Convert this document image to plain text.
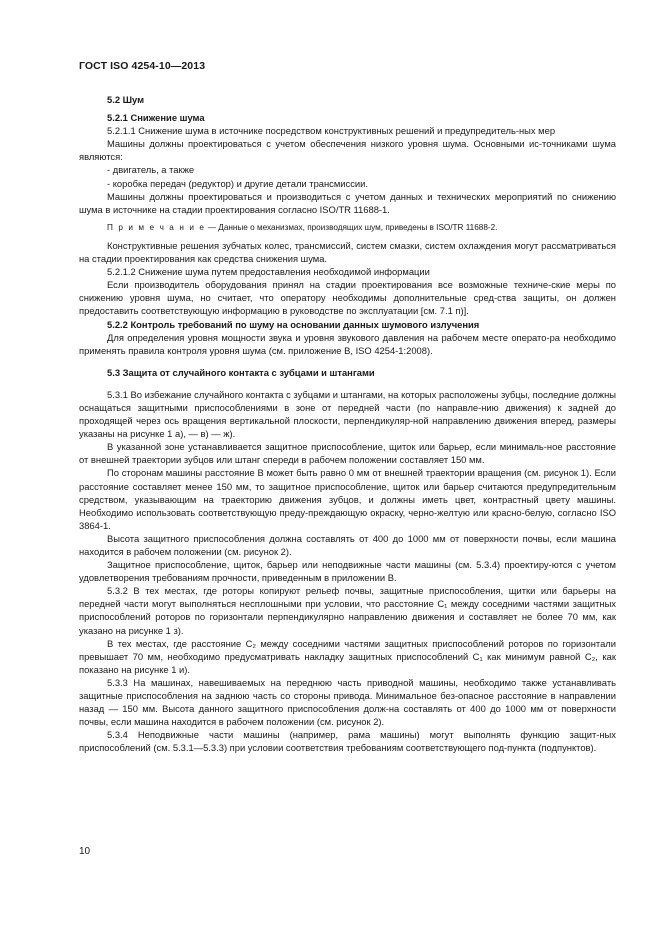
ГОСТ ISO 4254-10—2013

5.2 Шум

5.2.1 Снижение шума

5.2.1.1 Снижение шума в источнике посредством конструктивных решений и предупредитель-ных мер

Машины должны проектироваться с учетом обеспечения низкого уровня шума. Основными ис-точниками шума являются:

- двигатель, а также

- коробка передач (редуктор) и другие детали трансмиссии.

Машины должны проектироваться и производиться с учетом данных и технических мероприятий по снижению шума в источнике на стадии проектирования согласно ISO/TR 11688-1.

П р и м е ч а н и е — Данные о механизмах, производящих шум, приведены в ISO/TR 11688-2.

Конструктивные решения зубчатых колес, трансмиссий, систем смазки, систем охлаждения могут рассматриваться на стадии проектирования как средства снижения шума.

5.2.1.2 Снижение шума путем предоставления необходимой информации

Если производитель оборудования принял на стадии проектирования все возможные техниче-ские меры по снижению уровня шума, но считает, что оператору необходимы дополнительные сред-ства защиты, он должен предоставить соответствующую информацию в руководстве по эксплуатации [см. 7.1 п)].

5.2.2 Контроль требований по шуму на основании данных шумового излучения

Для определения уровня мощности звука и уровня звукового давления на рабочем месте операто-ра необходимо применять правила контроля уровня шума (см. приложение В, ISO 4254-1:2008).

5.3 Защита от случайного контакта с зубцами и штангами

5.3.1 Во избежание случайного контакта с зубцами и штангами, на которых расположены зубцы, последние должны оснащаться защитными приспособлениями в зоне от передней части (по направле-нию движения) к задней до проходящей через ось вращения вертикальной плоскости, перпендикуляр-ной направлению движения вперед, размеры указаны на рисунке 1 а), — в) — ж).

В указанной зоне устанавливается защитное приспособление, щиток или барьер, если минималь-ное расстояние от внешней траектории зубцов или штанг спереди в рабочем положении составляет 150 мм.

По сторонам машины расстояние B может быть равно 0 мм от внешней траектории вращения (см. рисунок 1). Если расстояние составляет менее 150 мм, то защитное приспособление, щиток или барьер считаются предупредительным средством, указывающим на траекторию движения зубцов, и должны иметь цвет, контрастный цвету машины. Необходимо использовать соответствующую преду-преждающую окраску, черно-желтую или красно-белую, согласно ISO 3864-1.

Высота защитного приспособления должна составлять от 400 до 1000 мм от поверхности почвы, если машина находится в рабочем положении (см. рисунок 2).

Защитное приспособление, щиток, барьер или неподвижные части машины (см. 5.3.4) проектиру-ются с учетом удовлетворения требованиям прочности, приведенным в приложении В.

5.3.2 В тех местах, где роторы копируют рельеф почвы, защитные приспособления, щитки или барьеры на передней части могут выполняться несплошными при условии, что расстояние C₁ между соседними частями защитных приспособлений роторов по горизонтали перпендикулярно направлению движения и составляет не более 70 мм, как указано на рисунке 1 з).

В тех местах, где расстояние C₂ между соседними частями защитных приспособлений роторов по горизонтали превышает 70 мм, необходимо предусматривать накладку защитных приспособлений C₁ как минимум равной C₂, как показано на рисунке 1 и).

5.3.3 На машинах, навешиваемых на переднюю часть приводной машины, необходимо также устанавливать защитные приспособления на заднюю часть со стороны привода. Минимальное без-опасное расстояние в направлении назад — 150 мм. Высота данного защитного приспособления долж-на составлять от 400 до 1000 мм от поверхности почвы, если машина находится в рабочем положении (см. рисунок 2).

5.3.4 Неподвижные части машины (например, рама машины) могут выполнять функцию защит-ных приспособлений (см. 5.3.1—5.3.3) при условии соответствия требованиям соответствующего под-пункта (подпунктов).

10
